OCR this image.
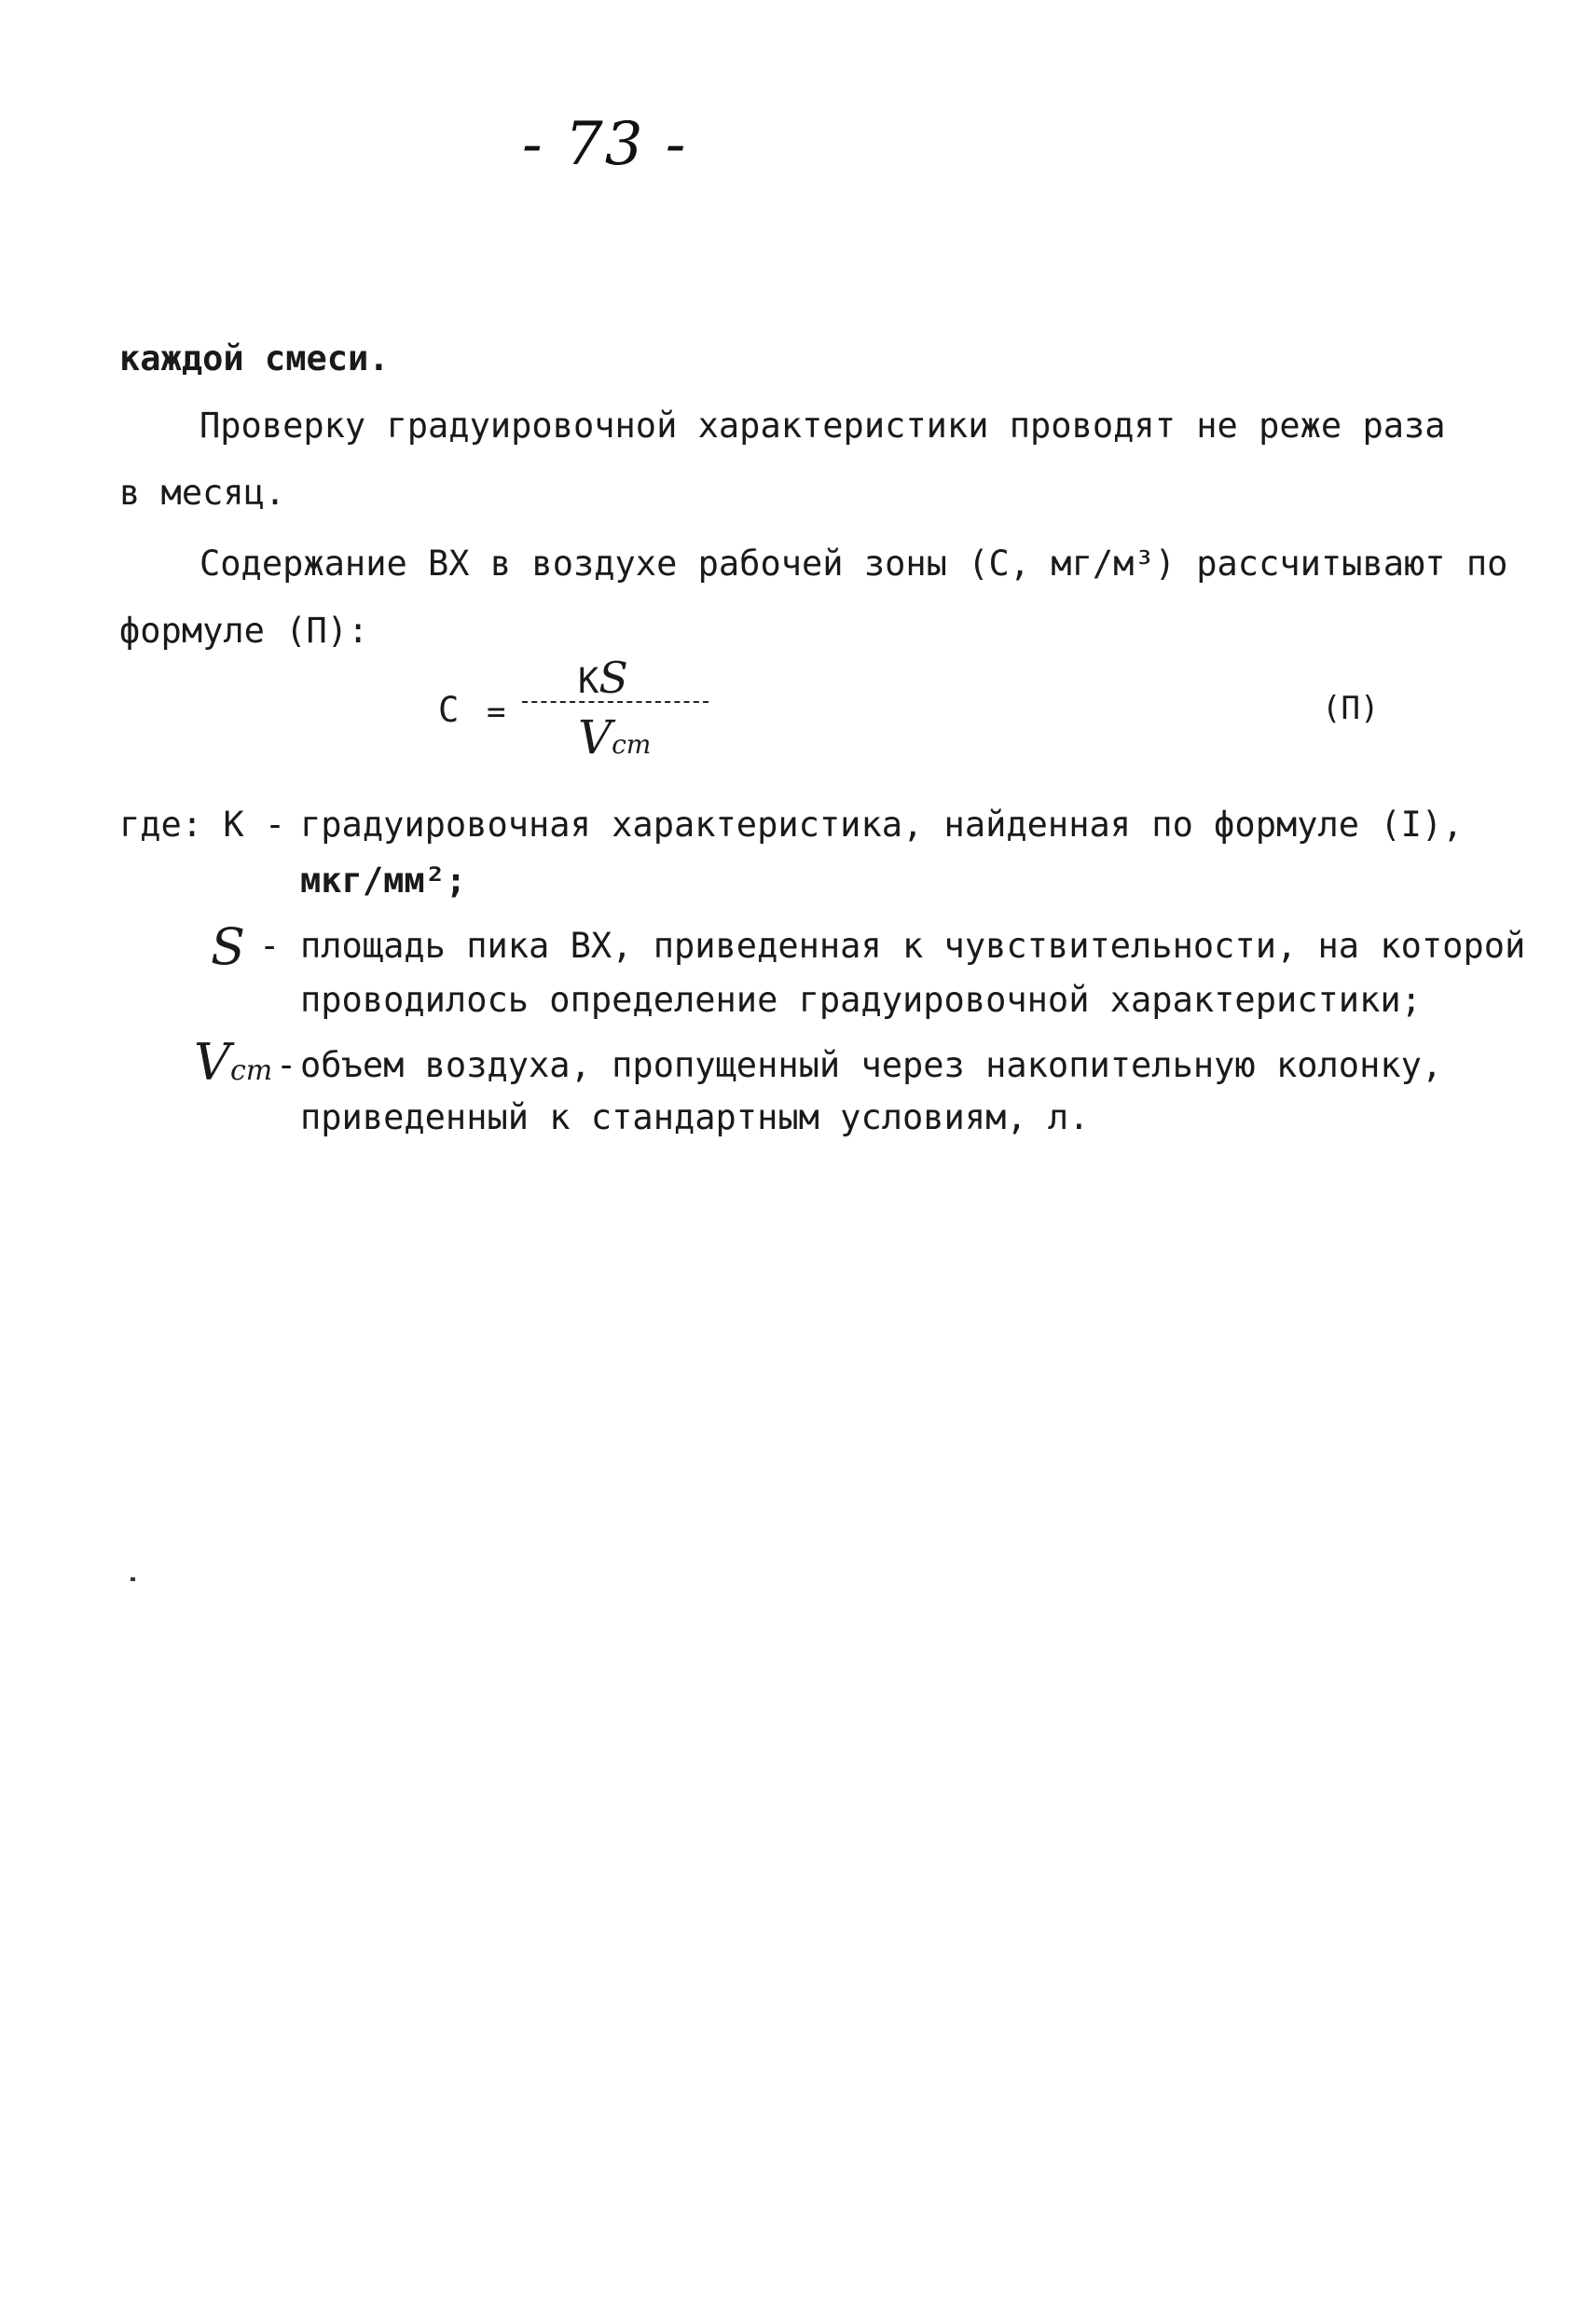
- 73 -
каждой смеси.
Проверку градуировочной характеристики проводят не реже раза
в месяц.
Содержание ВХ в воздухе рабочей зоны (С, мг/м³) рассчитывают по
формуле (П):
С =
КS
Vст
(П)
где: К - градуировочная характеристика, найденная по формуле (I),
мкг/мм²;
S - площадь пика ВХ, приведенная к чувствительности, на которой
проводилось определение градуировочной характеристики;
Vст - объем воздуха, пропущенный через накопительную колонку,
приведенный к стандартным условиям, л.
